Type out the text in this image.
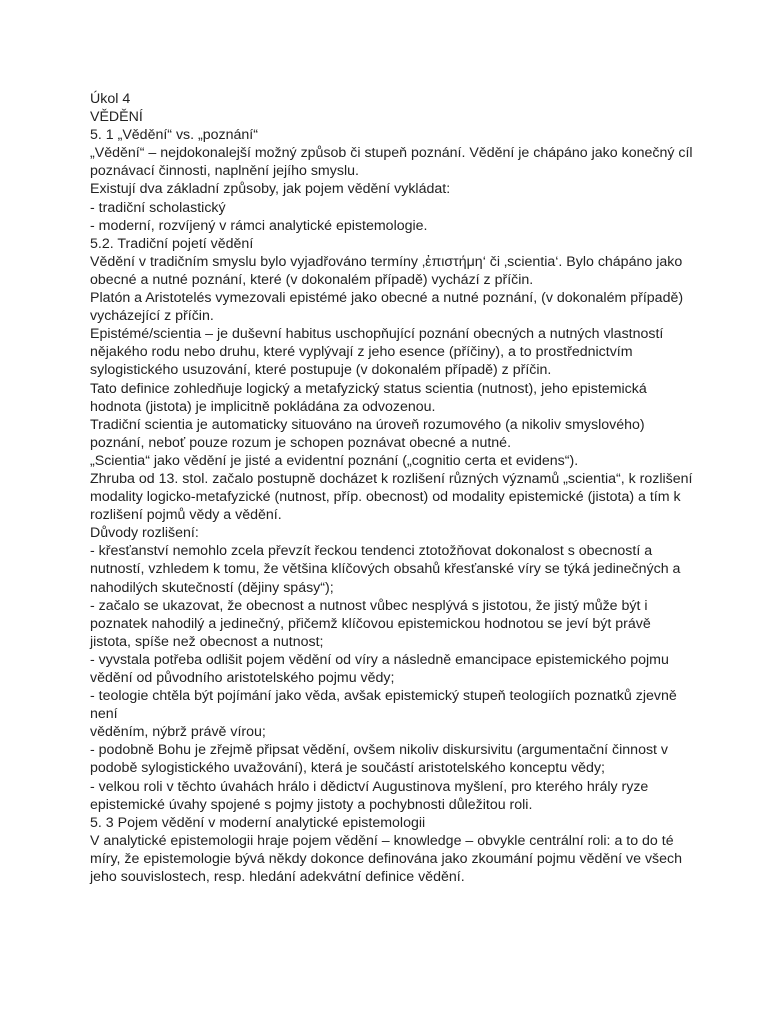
Úkol 4
VĚDĚNÍ
5. 1 „Vědění“ vs. „poznání“
„Vědění“ – nejdokonalejší možný způsob či stupeň poznání. Vědění je chápáno jako konečný cíl
poznávací činnosti, naplnění jejího smyslu.
Existují dva základní způsoby, jak pojem vědění vykládat:
- tradiční scholastický
- moderní, rozvíjený v rámci analytické epistemologie.
5.2. Tradiční pojetí vědění
Vědění v tradičním smyslu bylo vyjadřováno termíny ‚ἐπιστήμη‘ či ‚scientia‘. Bylo chápáno jako
obecné a nutné poznání, které (v dokonalém případě) vychází z příčin.
Platón a Aristotelés vymezovali epistémé jako obecné a nutné poznání, (v dokonalém případě)
vycházející z příčin.
Epistémé/scientia – je duševní habitus uschopňující poznání obecných a nutných vlastností
nějakého rodu nebo druhu, které vyplývají z jeho esence (příčiny), a to prostřednictvím
sylogistického usuzování, které postupuje (v dokonalém případě) z příčin.
Tato definice zohledňuje logický a metafyzický status scientia (nutnost), jeho epistemická
hodnota (jistota) je implicitně pokládána za odvozenou.
Tradiční scientia je automaticky situováno na úroveň rozumového (a nikoliv smyslového)
poznání, neboť pouze rozum je schopen poznávat obecné a nutné.
„Scientia“ jako vědění je jisté a evidentní poznání („cognitio certa et evidens“).
Zhruba od 13. stol. začalo postupně docházet k rozlišení různých významů „scientia“, k rozlišení
modality logicko-metafyzické (nutnost, příp. obecnost) od modality epistemické (jistota) a tím k
rozlišení pojmů vědy a vědění.
Důvody rozlišení:
- křesťanství nemohlo zcela převzít řeckou tendenci ztotožňovat dokonalost s obecností a
nutností, vzhledem k tomu, že většina klíčových obsahů křesťanské víry se týká jedinečných a
nahodilých skutečností (dějiny spásy“);
- začalo se ukazovat, že obecnost a nutnost vůbec nesplývá s jistotou, že jistý může být i
poznatek nahodilý a jedinečný, přičemž klíčovou epistemickou hodnotou se jeví být právě
jistota, spíše než obecnost a nutnost;
- vyvstala potřeba odlišit pojem vědění od víry a následně emancipace epistemického pojmu
vědění od původního aristotelského pojmu vědy;
- teologie chtěla být pojímání jako věda, avšak epistemický stupeň teologiích poznatků zjevně
není
věděním, nýbrž právě vírou;
- podobně Bohu je zřejmě připsat vědění, ovšem nikoliv diskursivitu (argumentační činnost v
podobě sylogistického uvažování), která je součástí aristotelského konceptu vědy;
- velkou roli v těchto úvahách hrálo i dědictví Augustinova myšlení, pro kterého hrály ryze
epistemické úvahy spojené s pojmy jistoty a pochybnosti důležitou roli.
5. 3 Pojem vědění v moderní analytické epistemologii
V analytické epistemologii hraje pojem vědění – knowledge – obvykle centrální roli: a to do té
míry, že epistemologie bývá někdy dokonce definována jako zkoumání pojmu vědění ve všech
jeho souvislostech, resp. hledání adekvátní definice vědění.
